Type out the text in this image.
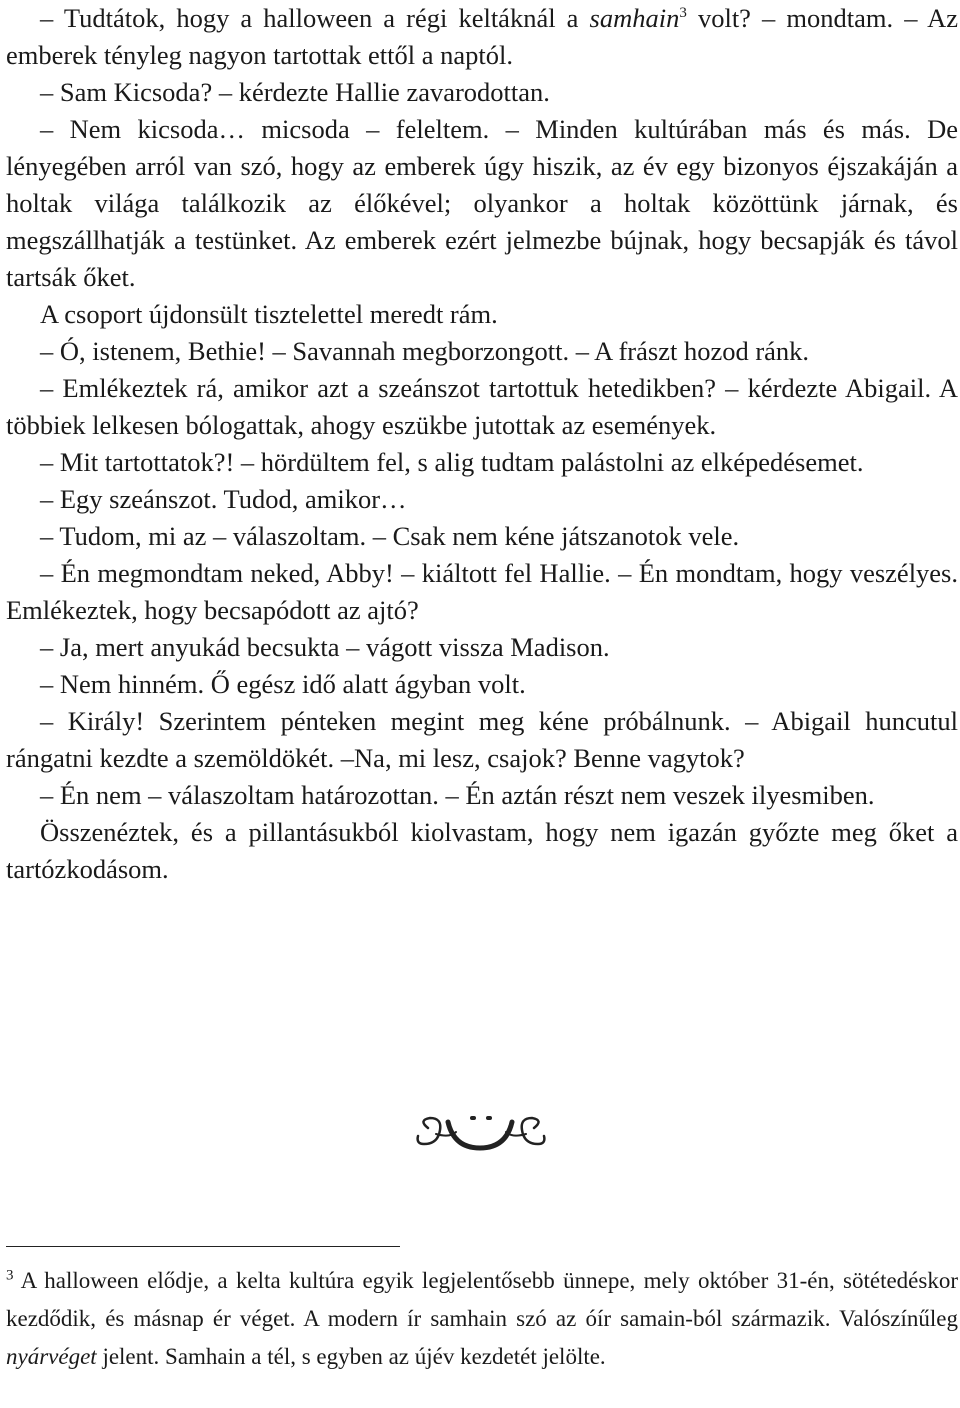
– Tudtátok, hogy a halloween a régi keltáknál a samhain$^3$ volt? – mondtam. – Az emberek tényleg nagyon tartottak ettől a naptól.

– Sam Kicsoda? – kérdezte Hallie zavarodottan.

– Nem kicsoda… micsoda – feleltem. – Minden kultúrában más és más. De lényegében arról van szó, hogy az emberek úgy hiszik, az év egy bizonyos éjszakáján a holtak világa találkozik az élőkével; olyankor a holtak közöttünk járnak, és megszállhatják a testünket. Az emberek ezért jelmezbe bújnak, hogy becsapják és távol tartsák őket.

A csoport újdonsült tisztelettel meredt rám.

– Ó, istenem, Bethie! – Savannah megborzongott. – A frászt hozod ránk.

– Emlékeztek rá, amikor azt a szeánszot tartottuk hetedikben? – kérdezte Abigail. A többiek lelkesen bólogattak, ahogy eszükbe jutottak az események.

– Mit tartottatok?! – hördültem fel, s alig tudtam palástolni az elképedésemet.

– Egy szeánszot. Tudod, amikor…

– Tudom, mi az – válaszoltam. – Csak nem kéne játszanotok vele.

– Én megmondtam neked, Abby! – kiáltott fel Hallie. – Én mondtam, hogy veszélyes. Emlékeztek, hogy becsapódott az ajtó?

– Ja, mert anyukád becsukta – vágott vissza Madison.

– Nem hinném. Ő egész idő alatt ágyban volt.

– Király! Szerintem pénteken megint meg kéne próbálnunk. – Abigail huncutul rángatni kezdte a szemöldökét. –Na, mi lesz, csajok? Benne vagytok?

– Én nem – válaszoltam határozottan. – Én aztán részt nem veszek ilyesmiben.

Összenéztek, és a pillantásukból kiolvastam, hogy nem igazán győzte meg őket a tartózkodásom.

$^3$ A halloween elődje, a kelta kultúra egyik legjelentősebb ünnepe, mely október 31-én, sötétedéskor kezdődik, és másnap ér véget. A modern ír samhain szó az óír samain-ból származik. Valószínűleg nyárvéget jelent. Samhain a tél, s egyben az újév kezdetét jelölte.
